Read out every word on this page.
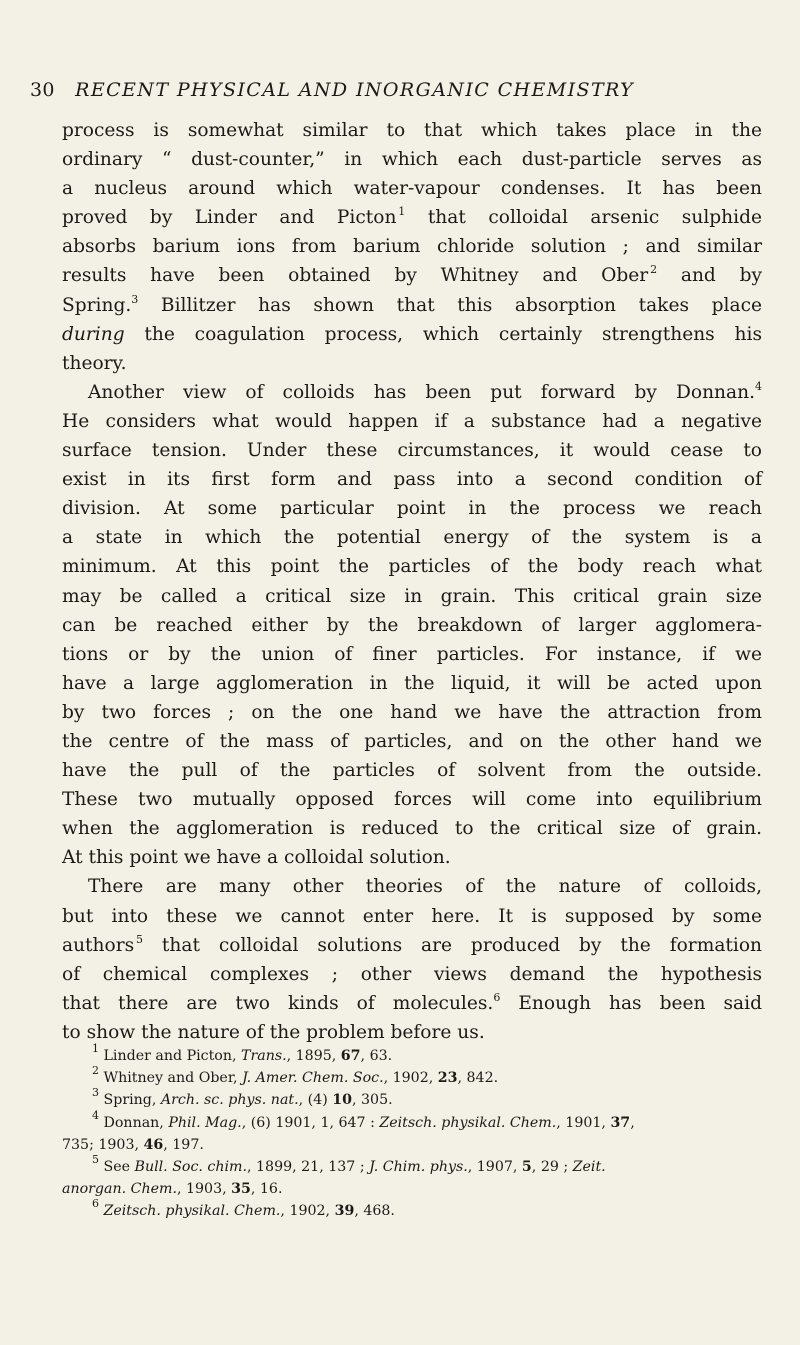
30 RECENT PHYSICAL AND INORGANIC CHEMISTRY
process is somewhat similar to that which takes place in the
ordinary “ dust-counter,” in which each dust-particle serves as
a nucleus around which water-vapour condenses. It has been
proved by Linder and Picton  $^1$ that colloidal arsenic sulphide
absorbs barium ions from barium chloride solution ; and similar
results have been obtained by Whitney and Ober  $^2$ and by
Spring.$^3$ Billitzer has shown that this absorption takes place
during the coagulation process, which certainly strengthens his
theory.
Another view of colloids has been put forward by Donnan.$^4$
He considers what would happen if a substance had a negative
surface tension. Under these circumstances, it would cease to
exist in its first form and pass into a second condition of
division. At some particular point in the process we reach
a state in which the potential energy of the system is a
minimum. At this point the particles of the body reach what
may be called a critical size in grain. This critical grain size
can be reached either by the breakdown of larger agglomera-
tions or by the union of finer particles. For instance, if we
have a large agglomeration in the liquid, it will be acted upon
by two forces ; on the one hand we have the attraction from
the centre of the mass of particles, and on the other hand we
have the pull of the particles of solvent from the outside.
These two mutually opposed forces will come into equilibrium
when the agglomeration is reduced to the critical size of grain.
At this point we have a colloidal solution.
There are many other theories of the nature of colloids,
but into these we cannot enter here. It is supposed by some
authors  $^5$ that colloidal solutions are produced by the formation
of chemical complexes ; other views demand the hypothesis
that there are two kinds of molecules.$^6$ Enough has been said
to show the nature of the problem before us.
$^1$ Linder and Picton, Trans., 1895, 67, 63.
$^2$ Whitney and Ober, J. Amer. Chem. Soc., 1902, 23, 842.
$^3$ Spring, Arch. sc. phys. nat., (4) 10, 305.
$^4$ Donnan, Phil. Mag., (6) 1901, 1, 647 : Zeitsch. physikal. Chem., 1901, 37,
735; 1903, 46, 197.
$^5$ See Bull. Soc. chim., 1899, 21, 137 ; J. Chim. phys., 1907, 5, 29 ; Zeit.
anorgan. Chem., 1903, 35, 16.
$^6$ Zeitsch. physikal. Chem., 1902, 39, 468.
